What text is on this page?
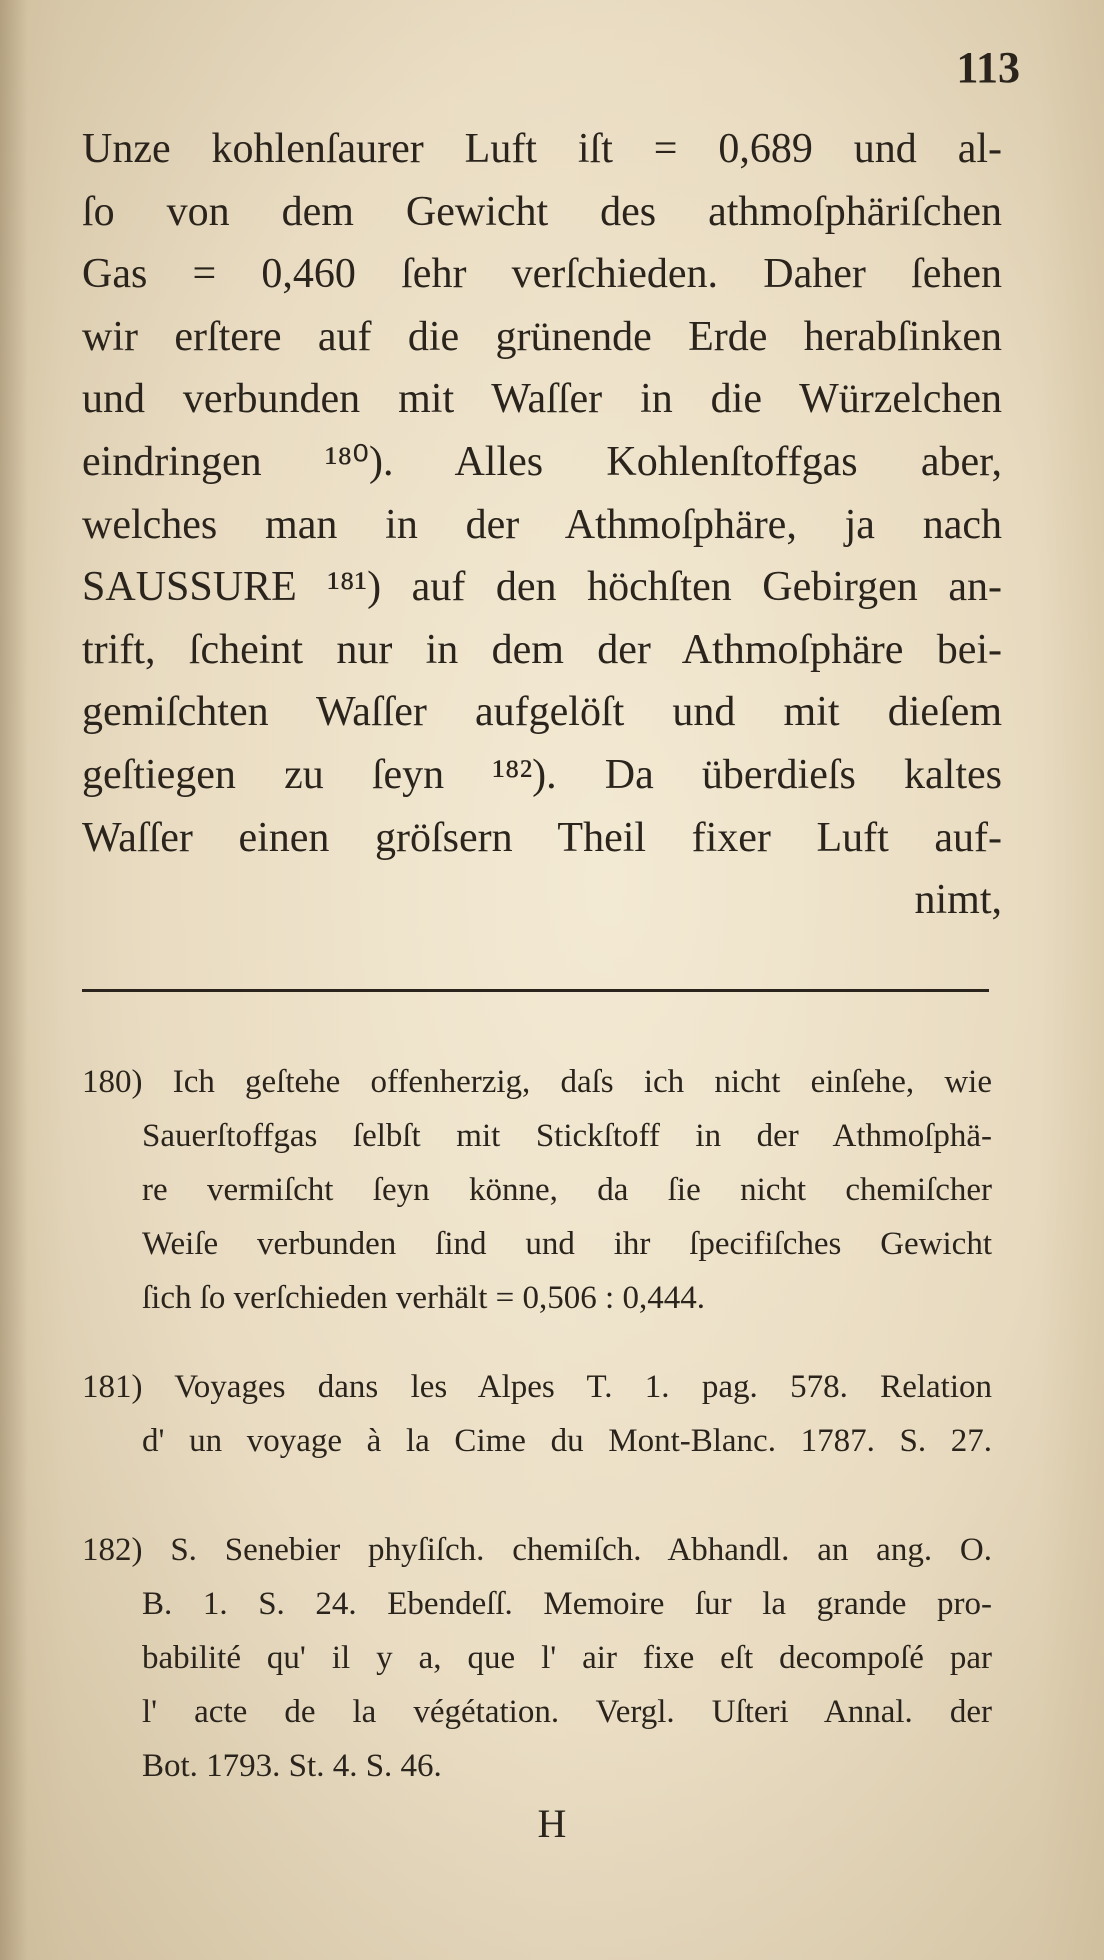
113
Unze kohlenſaurer Luft iſt = 0,689 und al-
ſo von dem Gewicht des athmoſphäriſchen
Gas = 0,460 ſehr verſchieden. Daher ſehen
wir erſtere auf die grünende Erde herabſinken
und verbunden mit Waſſer in die Würzelchen
eindringen ¹⁸⁰). Alles Kohlenſtoffgas aber,
welches man in der Athmoſphäre, ja nach
SAUSSURE ¹⁸¹) auf den höchſten Gebirgen an-
trift, ſcheint nur in dem der Athmoſphäre bei-
gemiſchten Waſſer aufgelöſt und mit dieſem
geſtiegen zu ſeyn ¹⁸²). Da überdieſs kaltes
Waſſer einen gröſsern Theil fixer Luft auf-
nimt,
180) Ich geſtehe offenherzig, daſs ich nicht einſehe, wie
Sauerſtoffgas ſelbſt mit Stickſtoff in der Athmoſphä-
re vermiſcht ſeyn könne, da ſie nicht chemiſcher
Weiſe verbunden ſind und ihr ſpecifiſches Gewicht
ſich ſo verſchieden verhält = 0,506 : 0,444.
181) Voyages dans les Alpes T. 1. pag. 578. Relation
d' un voyage à la Cime du Mont-Blanc. 1787. S. 27.
182) S. Senebier phyſiſch. chemiſch. Abhandl. an ang. O.
B. 1. S. 24. Ebendeſſ. Memoire ſur la grande pro-
babilité qu' il y a, que l' air fixe eſt decompoſé par
l' acte de la végétation. Vergl. Uſteri Annal. der
Bot. 1793. St. 4. S. 46.
H
